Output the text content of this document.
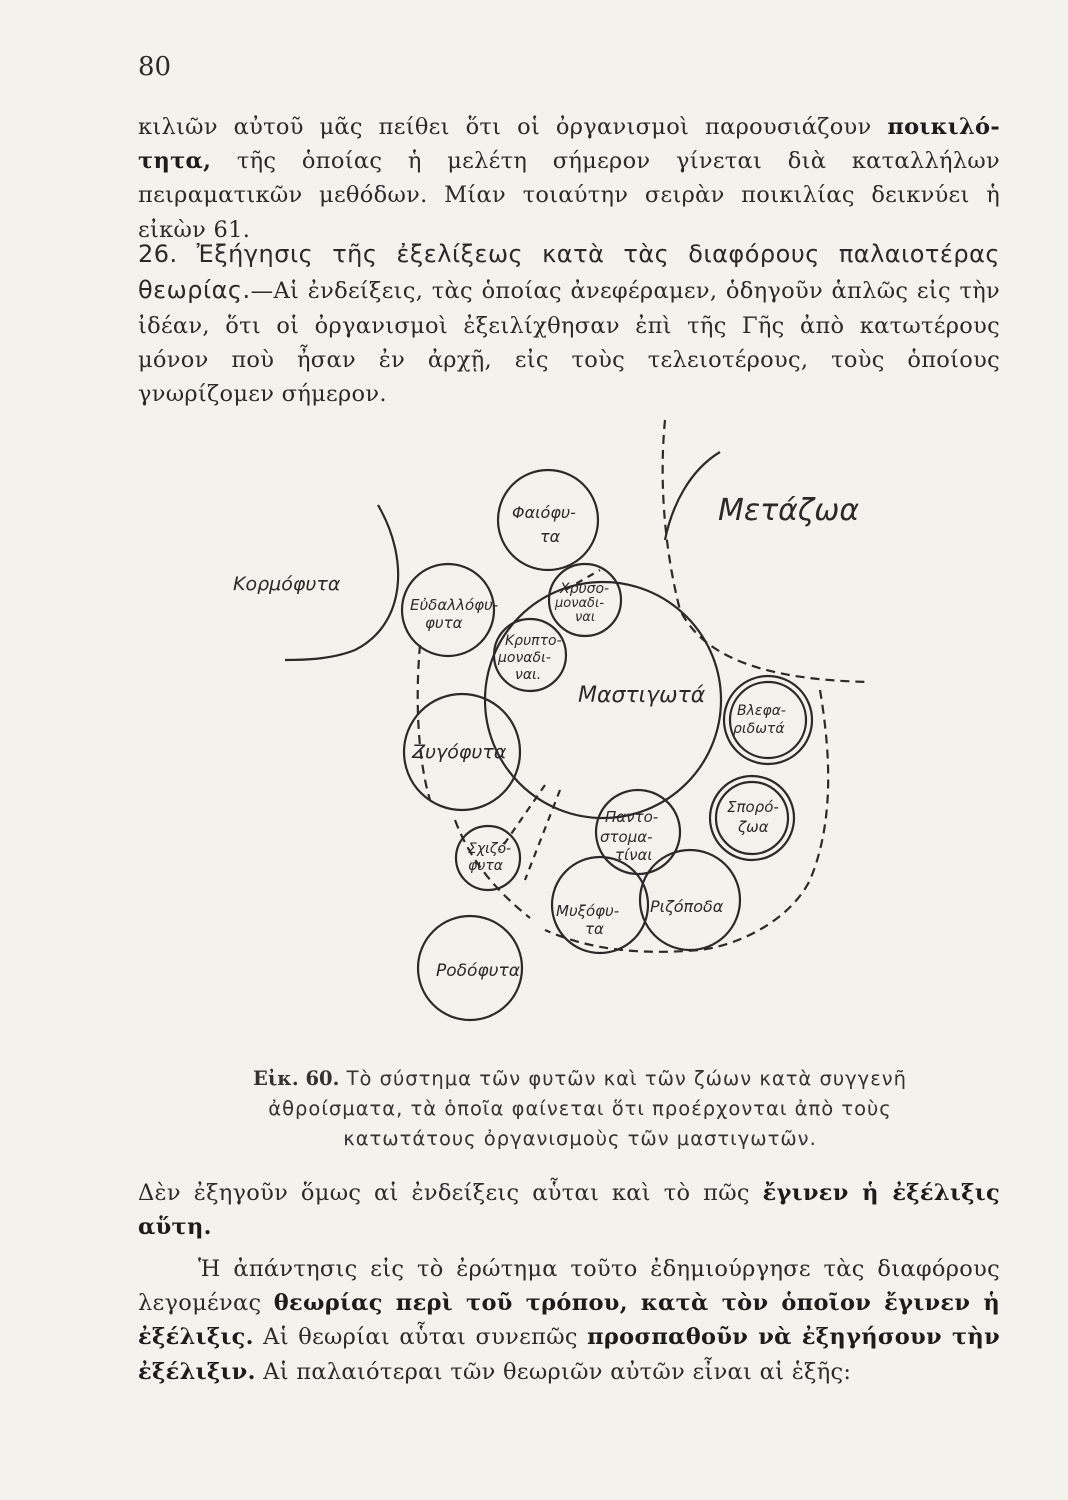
80
κιλιῶν αὐτοῦ μᾶς πείθει ὅτι οἱ ὀργανισμοὶ παρουσιάζουν ποικιλό-τητα, τῆς ὁποίας ἡ μελέτη σήμερον γίνεται διὰ καταλλήλων πειραματικῶν μεθόδων. Μίαν τοιαύτην σειρὰν ποικιλίας δεικνύει ἡ εἰκὼν 61.
26. Ἐξήγησις τῆς ἐξελίξεως κατὰ τὰς διαφόρους παλαιοτέρας θεωρίας.—Αἱ ἐνδείξεις, τὰς ὁποίας ἀνεφέραμεν, ὁδηγοῦν ἁπλῶς εἰς τὴν ἰδέαν, ὅτι οἱ ὀργανισμοὶ ἐξειλίχθησαν ἐπὶ τῆς Γῆς ἀπὸ κατωτέρους μόνον ποὺ ἦσαν ἐν ἀρχῇ, εἰς τοὺς τελειοτέρους, τοὺς ὁποίους γνωρίζομεν σήμερον.
Μετάζωα
Κορμόφυτα
Φαιόφυ-
τα
Εὐδαλλόφυ-
φυτα
Χρυσο-
μοναδι-
ναι
Κρυπτο-
μοναδι-
ναι.
Μαστιγωτά
Ζυγόφυτα
Βλεφα-
ριδωτά
Σπορό-
ζωα
Παντο-
στομα-
τίναι
Σχιζό-
φυτα
Μυξόφυ-
τα
Ριζόποδα
Ροδόφυτα
Εἰκ. 60. Τὸ σύστημα τῶν φυτῶν καὶ τῶν ζώων κατὰ συγγενῆ ἀθροίσματα, τὰ ὁποῖα φαίνεται ὅτι προέρχονται ἀπὸ τοὺς κατωτάτους ὀργανισμοὺς τῶν μαστιγωτῶν.
Δὲν ἐξηγοῦν ὅμως αἱ ἐνδείξεις αὗται καὶ τὸ πῶς ἔγινεν ἡ ἐξέλιξις αὕτη.
Ἡ ἀπάντησις εἰς τὸ ἐρώτημα τοῦτο ἐδημιούργησε τὰς διαφόρους λεγομένας θεωρίας περὶ τοῦ τρόπου, κατὰ τὸν ὁποῖον ἔγινεν ἡ ἐξέλιξις. Αἱ θεωρίαι αὗται συνεπῶς προσπαθοῦν νὰ ἐξηγήσουν τὴν ἐξέλιξιν. Αἱ παλαιότεραι τῶν θεωριῶν αὐτῶν εἶναι αἱ ἑξῆς:
